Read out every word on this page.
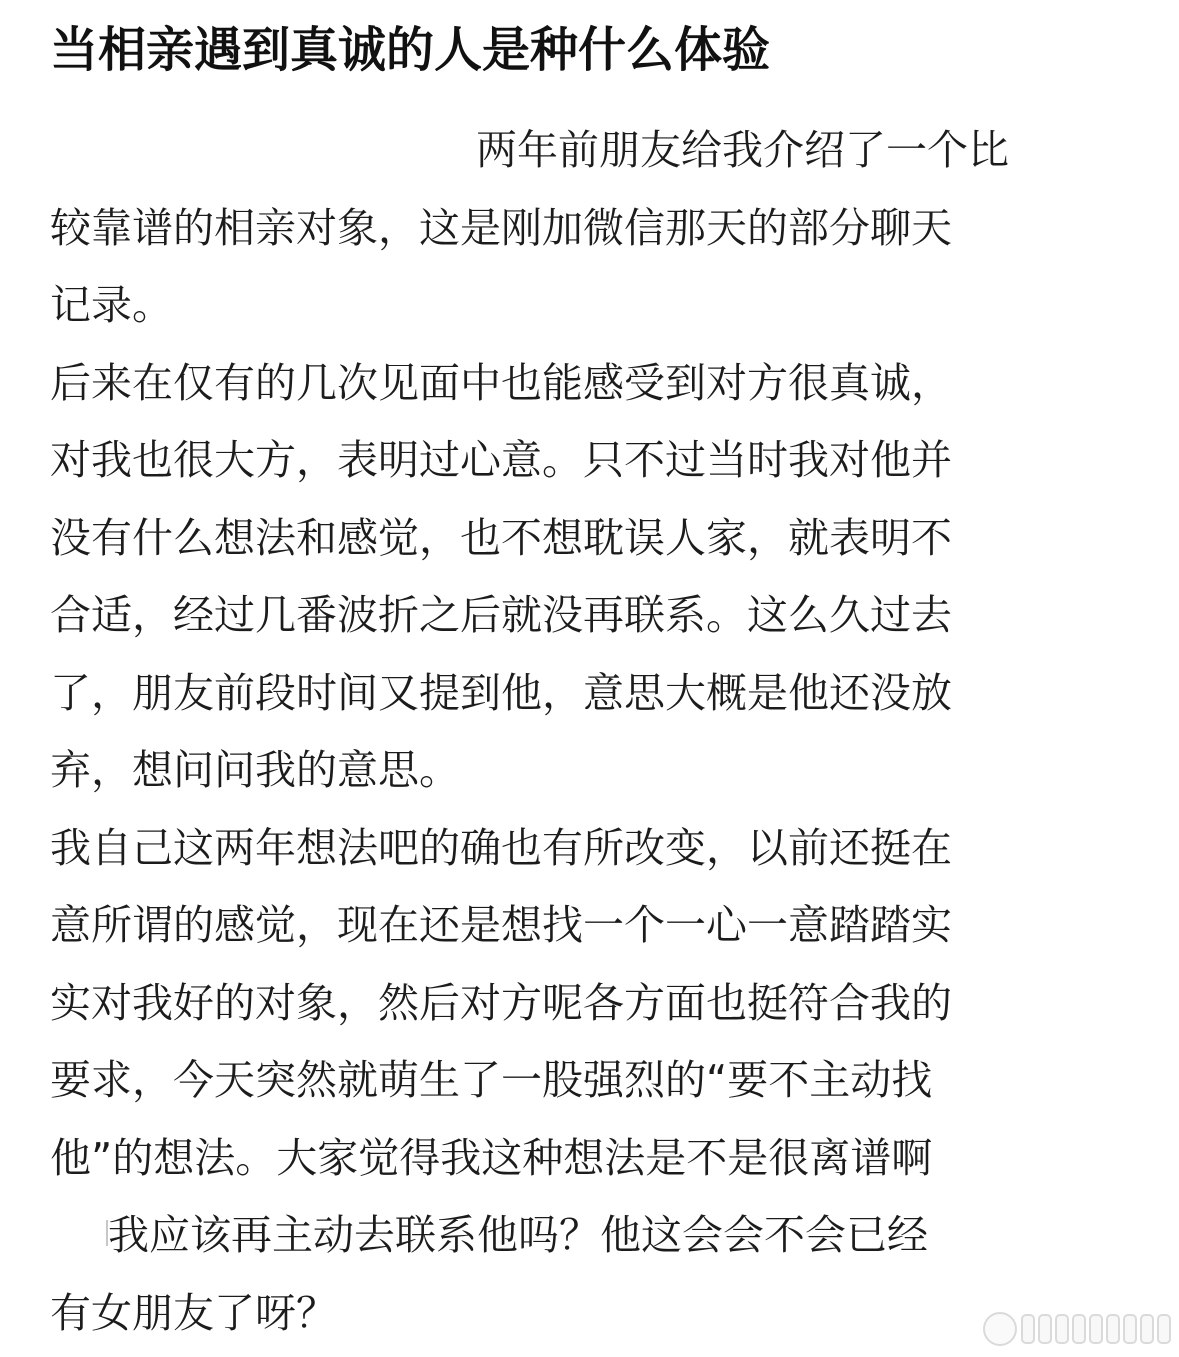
当相亲遇到真诚的人是种什么体验
两年前朋友给我介绍了一个比
较靠谱的相亲对象，这是刚加微信那天的部分聊天
记录。
后来在仅有的几次见面中也能感受到对方很真诚，
对我也很大方，表明过心意。只不过当时我对他并
没有什么想法和感觉，也不想耽误人家，就表明不
合适，经过几番波折之后就没再联系。这么久过去
了，朋友前段时间又提到他，意思大概是他还没放
弃，想问问我的意思。
我自己这两年想法吧的确也有所改变，以前还挺在
意所谓的感觉，现在还是想找一个一心一意踏踏实
实对我好的对象，然后对方呢各方面也挺符合我的
要求，今天突然就萌生了一股强烈的“要不主动找
他”的想法。大家觉得我这种想法是不是很离谱啊
我应该再主动去联系他吗？他这会会不会已经
有女朋友了呀？
